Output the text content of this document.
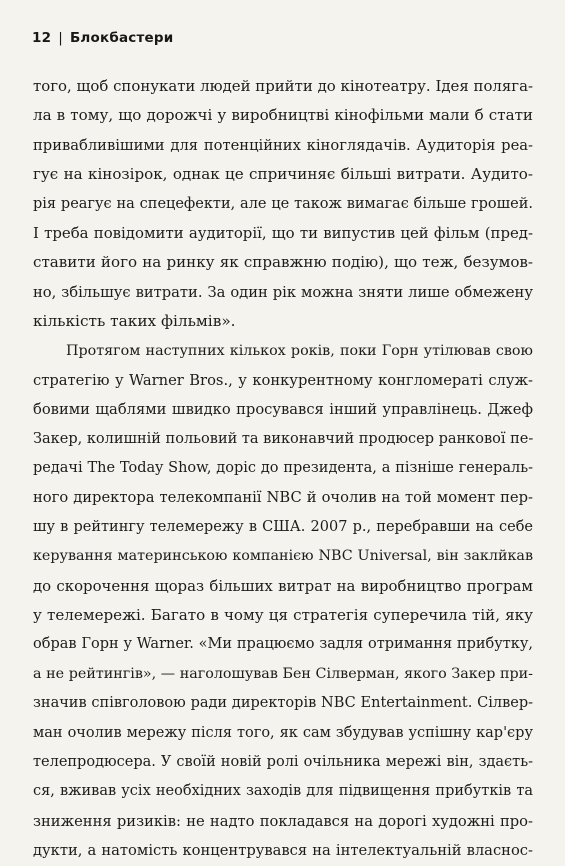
12 | Блокбастери
того, щоб спонукати людей прийти до кінотеатру. Ідея поляга-
ла в тому, що дорожчі у виробництві кінофільми мали б стати
привабливішими для потенційних кіноглядачів. Аудиторія реа-
гує на кінозірок, однак це спричиняє більші витрати. Аудито-
рія реагує на спецефекти, але це також вимагає більше грошей.
І треба повідомити аудиторії, що ти випустив цей фільм (пред-
ставити його на ринку як справжню подію), що теж, безумов-
но, збільшує витрати. За один рік можна зняти лише обмежену
кількість таких фільмів».
Протягом наступних кількох років, поки Горн утілював свою
стратегію у Warner Bros., у конкурентному конгломераті служ-
бовими щаблями швидко просувався інший управлінець. Джеф
Закер, колишній польовий та виконавчий продюсер ранкової пе-
редачі The Today Show, доріс до президента, а пізніше генераль-
ного директора телекомпанії NBC й очолив на той момент пер-
шу в рейтингу телемережу в США. 2007 р., перебравши на себе
керування материнською компанією NBC Universal, він заклйкав
до скорочення щораз більших витрат на виробництво програм
у телемережі. Багато в чому ця стратегія суперечила тій, яку
обрав Горн у Warner. «Ми працюємо задля отримання прибутку,
а не рейтингів», — наголошував Бен Сілверман, якого Закер при-
значив співголовою ради директорів NBC Entertainment. Сілвер-
ман очолив мережу після того, як сам збудував успішну кар'єру
телепродюсера. У своїй новій ролі очільника мережі він, здаєть-
ся, вживав усіх необхідних заходів для підвищення прибутків та
зниження ризиків: не надто покладався на дорогі художні про-
дукти, а натомість концентрувався на інтелектуальній власнос-
